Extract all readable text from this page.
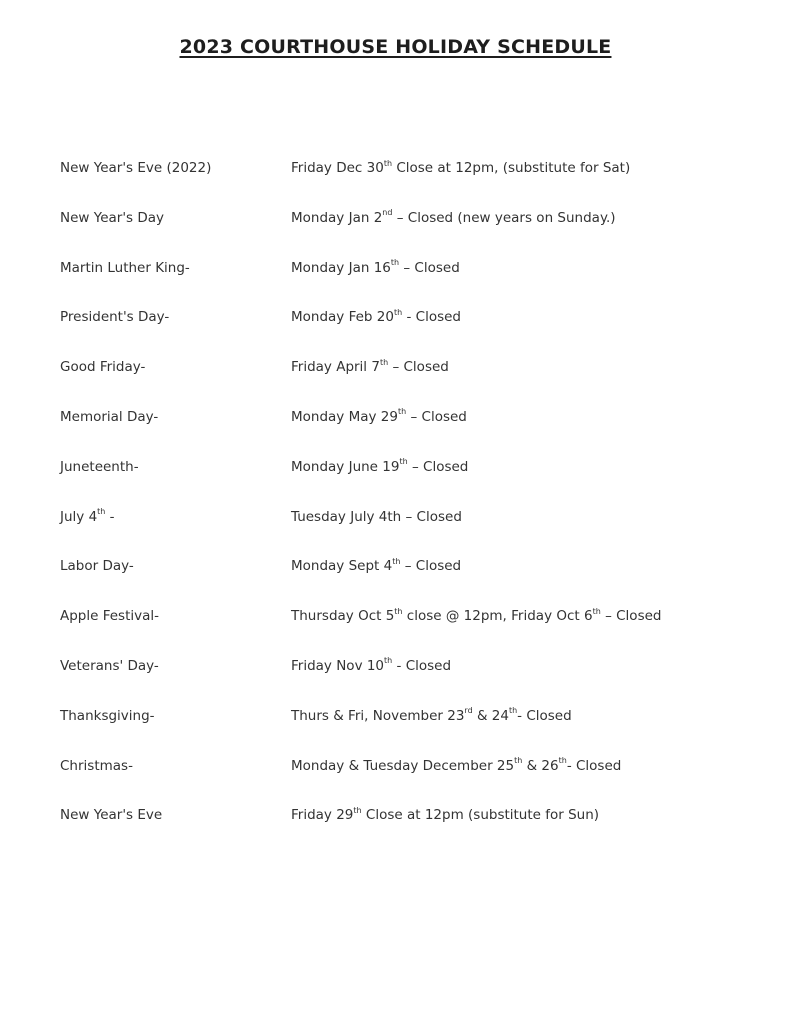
2023 COURTHOUSE HOLIDAY SCHEDULE
New Year's Eve (2022)	Friday Dec 30th Close at 12pm, (substitute for Sat)
New Year's Day	Monday Jan 2nd – Closed (new years on Sunday.)
Martin Luther King-	Monday Jan 16th – Closed
President's Day-	Monday Feb 20th - Closed
Good Friday-	Friday April 7th – Closed
Memorial Day-	Monday May 29th – Closed
Juneteenth-	Monday June 19th – Closed
July 4th -	Tuesday July 4th – Closed
Labor Day-	Monday Sept 4th – Closed
Apple Festival-	Thursday Oct 5th close @ 12pm, Friday Oct 6th – Closed
Veterans' Day-	Friday Nov 10th - Closed
Thanksgiving-	Thurs & Fri, November 23rd & 24th- Closed
Christmas-	Monday & Tuesday December 25th & 26th- Closed
New Year's Eve	Friday 29th Close at 12pm (substitute for Sun)
